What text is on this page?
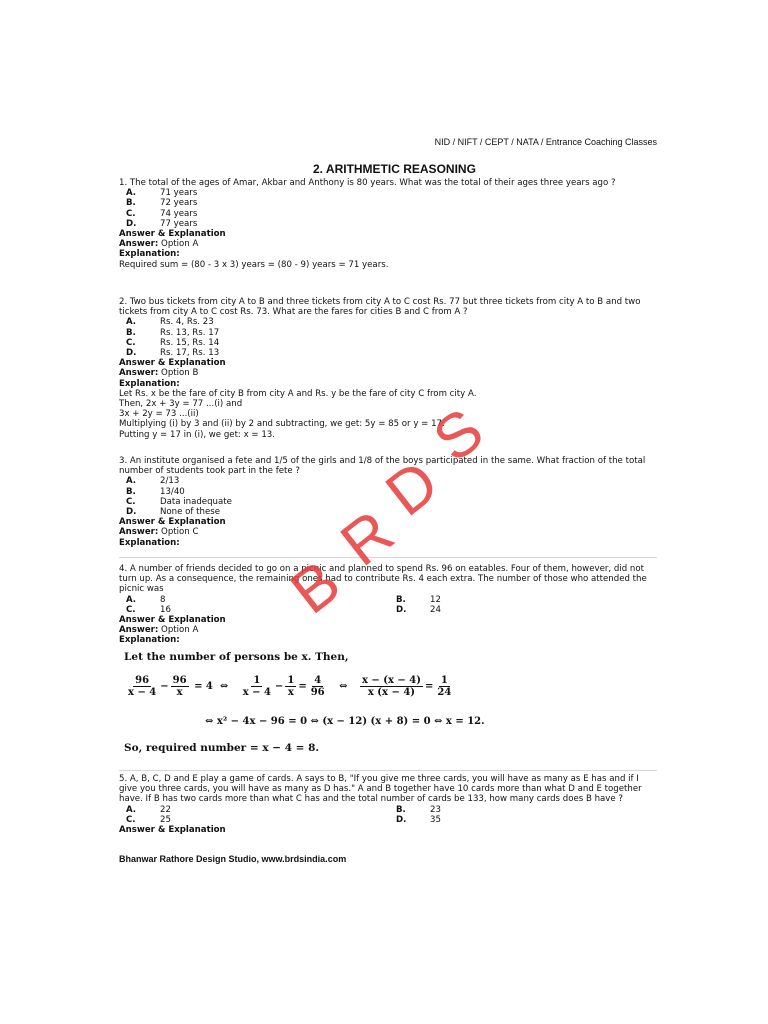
NID / NIFT / CEPT / NATA / Entrance Coaching Classes
2. ARITHMETIC REASONING

1. The total of the ages of Amar, Akbar and Anthony is 80 years. What was the total of their ages three years ago ?

A.	71 years
B.	72 years
C.	74 years
D.	77 years
Answer & Explanation
Answer: Option A
Explanation:
Required sum = (80 - 3 x 3) years = (80 - 9) years = 71 years.

2. Two bus tickets from city A to B and three tickets from city A to C cost Rs. 77 but three tickets from city A to B and two tickets from city A to C cost Rs. 73. What are the fares for cities B and C from A ?

A.	Rs. 4, Rs. 23
B.	Rs. 13, Rs. 17
C.	Rs. 15, Rs. 14
D.	Rs. 17, Rs. 13
Answer & Explanation
Answer: Option B
Explanation:
Let Rs. x be the fare of city B from city A and Rs. y be the fare of city C from city A.
Then, 2x + 3y = 77 ...(i) and
3x + 2y = 73 ...(ii)
Multiplying (i) by 3 and (ii) by 2 and subtracting, we get: 5y = 85 or y = 17.
Putting y = 17 in (i), we get: x = 13.

3. An institute organised a fete and 1/5 of the girls and 1/8 of the boys participated in the same. What fraction of the total number of students took part in the fete ?

A.	2/13
B.	13/40
C.	Data inadequate
D.	None of these
Answer & Explanation
Answer: Option C
Explanation:

4. A number of friends decided to go on a picnic and planned to spend Rs. 96 on eatables. Four of them, however, did not turn up. As a consequence, the remaining ones had to contribute Rs. 4 each extra. The number of those who attended the picnic was

A.	8	B.	12
C.	16	D.	24
Answer & Explanation
Answer: Option A
Explanation:
Let the number of persons be x. Then,
$\frac{96}{x - 4} - \frac{96}{x} = 4$ ⇔ $\frac{1}{x - 4} - \frac{1}{x} = \frac{4}{96}$ ⇔ $\frac{x - (x - 4)}{x (x - 4)} = \frac{1}{24}$
⇔ x² − 4x − 96 = 0 ⇔ (x − 12) (x + 8) = 0 ⇔ x = 12.
So, required number = x − 4 = 8.

5. A, B, C, D and E play a game of cards. A says to B, "If you give me three cards, you will have as many as E has and if I give you three cards, you will have as many as D has." A and B together have 10 cards more than what D and E together have. If B has two cards more than what C has and the total number of cards be 133, how many cards does B have ?

A.	22	B.	23
C.	25	D.	35
Answer & Explanation
Bhanwar Rathore Design Studio, www.brdsindia.com
B
R
D
S
